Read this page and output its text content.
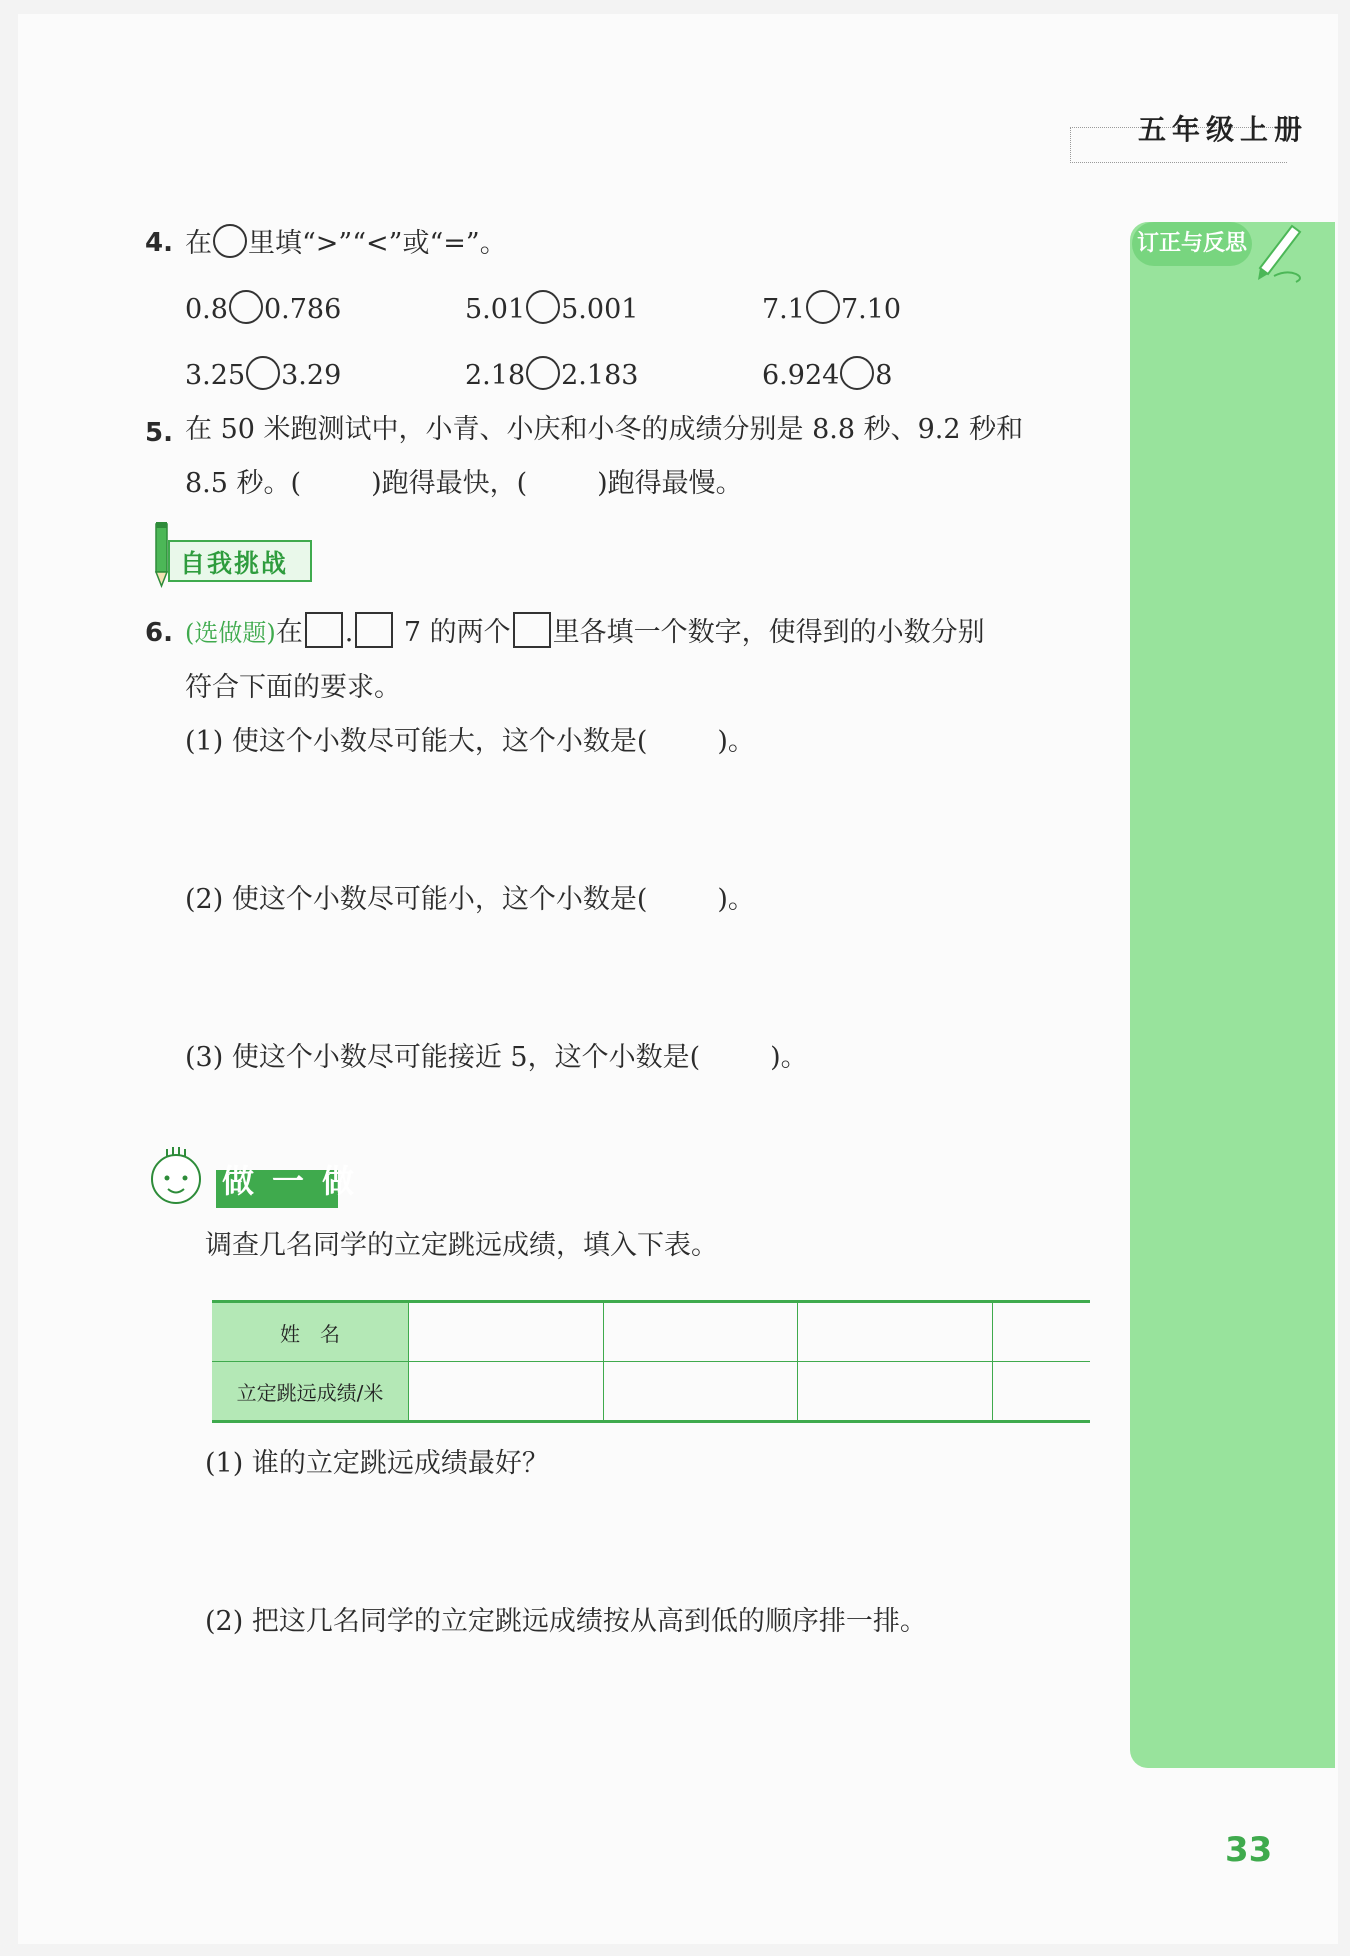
五年级上册
订正与反思
4. 在 里填“>”“<”或“=”。
0.8 0.786	5.01 5.001	7.1 7.10
3.25 3.29	2.18 2.183	6.924 8
5. 在 50 米跑测试中，小青、小庆和小冬的成绩分别是 8.8 秒、9.2 秒和
8.5 秒。(	)跑得最快，(	)跑得最慢。
自我挑战
6. (选做题)在 . 7 的两个 里各填一个数字，使得到的小数分别
符合下面的要求。
(1) 使这个小数尽可能大，这个小数是(	)。
(2) 使这个小数尽可能小，这个小数是(	)。
(3) 使这个小数尽可能接近 5，这个小数是(	)。
做一做
调查几名同学的立定跳远成绩，填入下表。
姓　名				
立定跳远成绩/米				
(1) 谁的立定跳远成绩最好？
(2) 把这几名同学的立定跳远成绩按从高到低的顺序排一排。
33
